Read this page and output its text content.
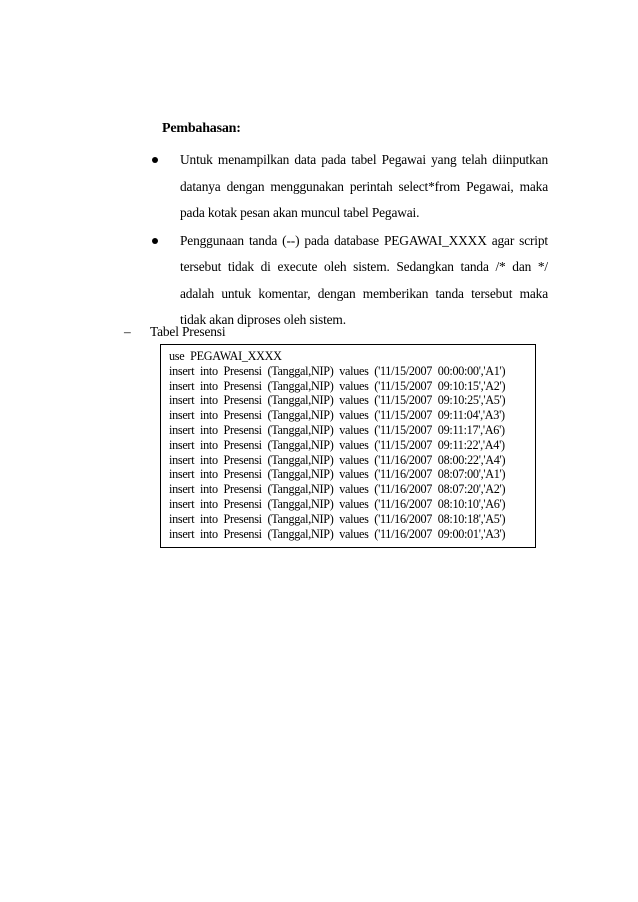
Pembahasan:
Untuk menampilkan data pada tabel Pegawai yang telah diinputkan datanya dengan menggunakan perintah select*from Pegawai, maka pada kotak pesan akan muncul tabel Pegawai.
Penggunaan tanda (--) pada database PEGAWAI_XXXX agar script tersebut tidak di execute oleh sistem. Sedangkan tanda /* dan */ adalah untuk komentar, dengan memberikan tanda tersebut maka tidak akan diproses oleh sistem.
– Tabel Presensi
use PEGAWAI_XXXX
insert into Presensi (Tanggal,NIP) values ('11/15/2007 00:00:00','A1')
insert into Presensi (Tanggal,NIP) values ('11/15/2007 09:10:15','A2')
insert into Presensi (Tanggal,NIP) values ('11/15/2007 09:10:25','A5')
insert into Presensi (Tanggal,NIP) values ('11/15/2007 09:11:04','A3')
insert into Presensi (Tanggal,NIP) values ('11/15/2007 09:11:17','A6')
insert into Presensi (Tanggal,NIP) values ('11/15/2007 09:11:22','A4')
insert into Presensi (Tanggal,NIP) values ('11/16/2007 08:00:22','A4')
insert into Presensi (Tanggal,NIP) values ('11/16/2007 08:07:00','A1')
insert into Presensi (Tanggal,NIP) values ('11/16/2007 08:07:20','A2')
insert into Presensi (Tanggal,NIP) values ('11/16/2007 08:10:10','A6')
insert into Presensi (Tanggal,NIP) values ('11/16/2007 08:10:18','A5')
insert into Presensi (Tanggal,NIP) values ('11/16/2007 09:00:01','A3')
